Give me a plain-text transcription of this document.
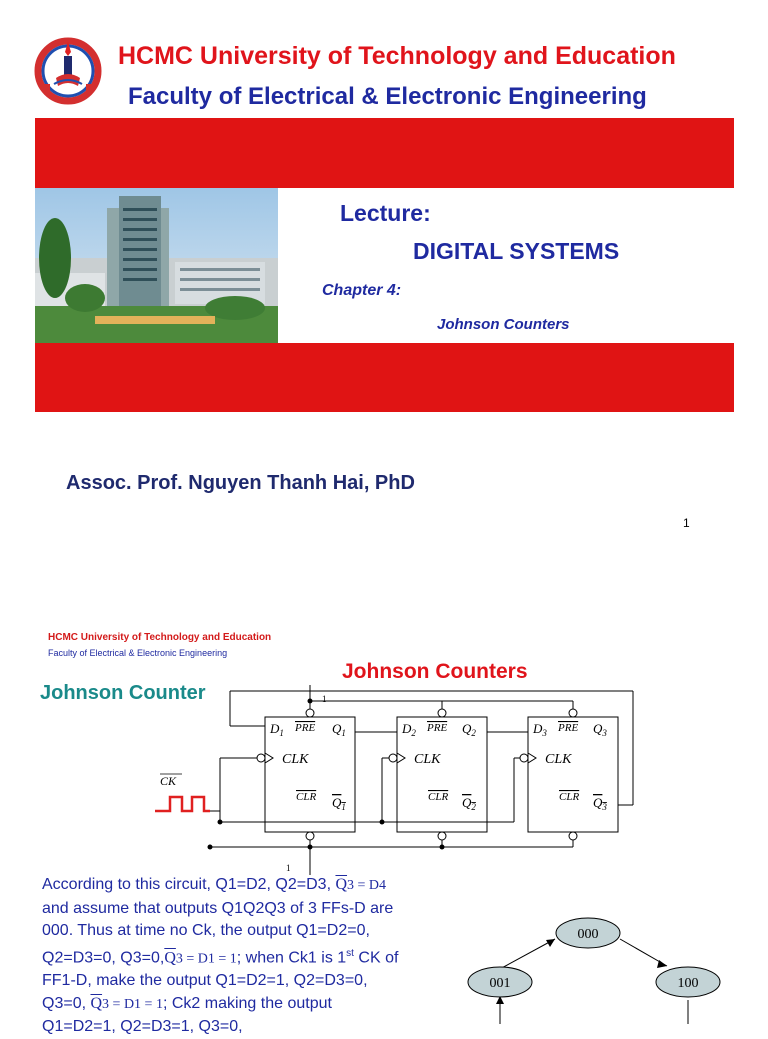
HCMC University of Technology and Education
Faculty of Electrical & Electronic Engineering
Lecture:
DIGITAL SYSTEMS
Chapter 4:
Johnson Counters
Assoc. Prof. Nguyen Thanh Hai, PhD
1
HCMC University of Technology and Education
Faculty of Electrical & Electronic Engineering
Johnson Counters
Johnson Counter
CK
1
1
$D_1$ PRE $Q_1$
CLK
CLR $Q_1$
$D_2$ PRE $Q_2$
CLK
CLR $Q_2$
$D_3$ PRE $Q_3$
CLK
CLR $Q_3$
According to this circuit, Q1=D2, Q2=D3, $\overline{Q}3 = D4$
and assume that outputs Q1Q2Q3 of 3 FFs-D are
000. Thus at time no Ck, the output Q1=D2=0,
Q2=D3=0, $Q3=0,\overline{Q}3 = D1 = 1$; when Ck1 is 1st CK of
FF1-D, make the output Q1=D2=1, Q2=D3=0,
Q3=0, $\overline{Q}3 = D1 = 1$; Ck2 making the output
Q1=D2=1, Q2=D3=1, Q3=0,
000
001	100
